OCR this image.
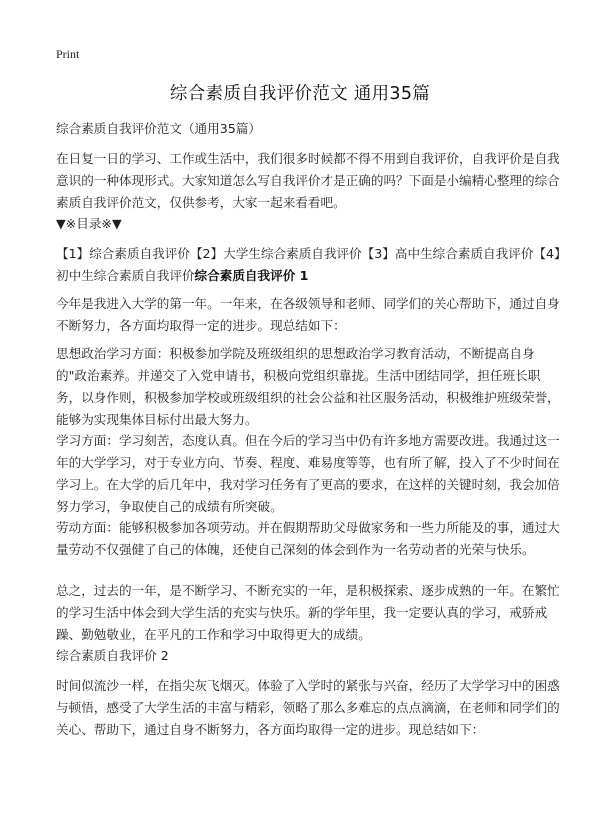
Print
综合素质自我评价范文 通用35篇

综合素质自我评价范文（通用35篇）

在日复一日的学习、工作或生活中，我们很多时候都不得不用到自我评价，自我评价是自我意识的一种体现形式。大家知道怎么写自我评价才是正确的吗？下面是小编精心整理的综合素质自我评价范文，仅供参考，大家一起来看看吧。

▼※目录※▼

【1】综合素质自我评价【2】大学生综合素质自我评价【3】高中生综合素质自我评价【4】初中生综合素质自我评价综合素质自我评价 1

今年是我进入大学的第一年。一年来，在各级领导和老师、同学们的关心帮助下，通过自身不断努力，各方面均取得一定的进步。现总结如下：

思想政治学习方面：积极参加学院及班级组织的思想政治学习教育活动，不断提高自身的"政治素养。并递交了入党申请书，积极向党组织靠拢。生活中团结同学，担任班长职务，以身作则，积极参加学校或班级组织的社会公益和社区服务活动，积极维护班级荣誉，能够为实现集体目标付出最大努力。

学习方面：学习刻苦，态度认真。但在今后的学习当中仍有许多地方需要改进。我通过这一年的大学学习，对于专业方向、节奏、程度、难易度等等，也有所了解，投入了不少时间在学习上。在大学的后几年中，我对学习任务有了更高的要求，在这样的关键时刻，我会加倍努力学习，争取使自己的成绩有所突破。

劳动方面：能够积极参加各项劳动。并在假期帮助父母做家务和一些力所能及的事，通过大量劳动不仅强健了自己的体魄，还使自己深刻的体会到作为一名劳动者的光荣与快乐。

总之，过去的一年，是不断学习、不断充实的一年，是积极探索、逐步成熟的一年。在繁忙的学习生活中体会到大学生活的充实与快乐。新的学年里，我一定要认真的学习，戒骄戒躁、勤勉敬业，在平凡的工作和学习中取得更大的成绩。

综合素质自我评价 2

时间似流沙一样，在指尖灰飞烟灭。体验了入学时的紧张与兴奋，经历了大学学习中的困惑与顿悟，感受了大学生活的丰富与精彩，领略了那么多难忘的点点滴滴，在老师和同学们的关心、帮助下，通过自身不断努力，各方面均取得一定的进步。现总结如下：
